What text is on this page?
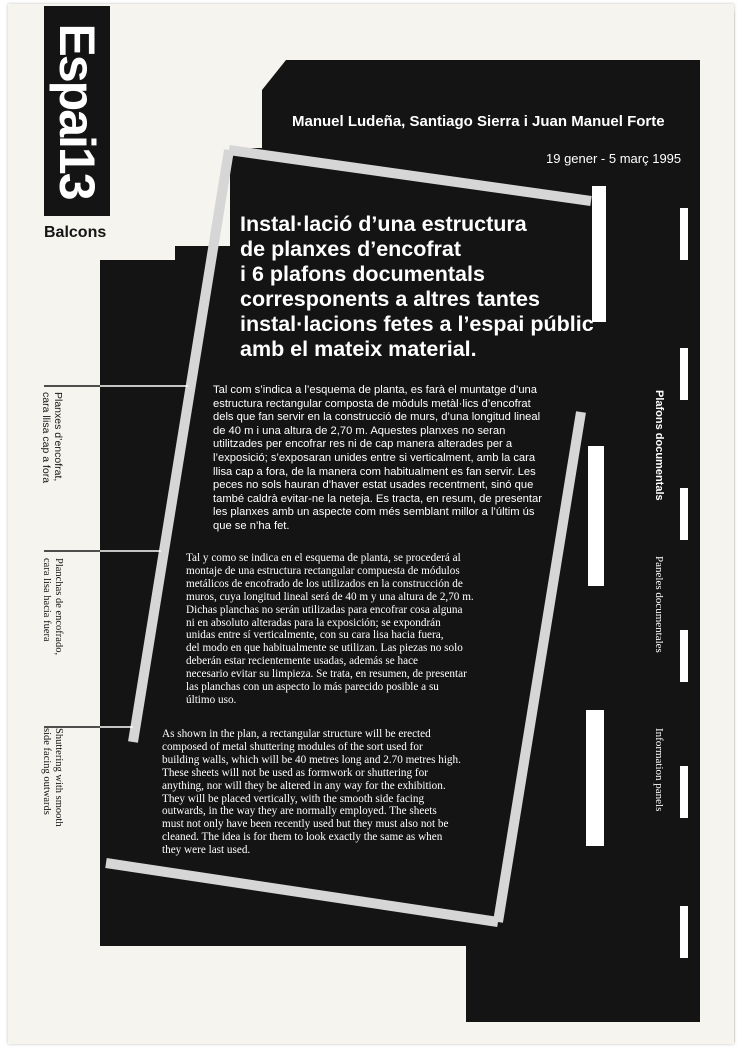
Espai13
Balcons
Manuel Ludeña, Santiago Sierra i Juan Manuel Forte
19 gener - 5 març 1995
Instal·lació d’una estructura
de planxes d’encofrat
i 6 plafons documentals
corresponents a altres tantes
instal·lacions fetes a l’espai públic
amb el mateix material.
Tal com s’indica a l’esquema de planta, es farà el muntatge d’una
estructura rectangular composta de mòduls metàl·lics d’encofrat
dels que fan servir en la construcció de murs, d’una longitud lineal
de 40 m i una altura de 2,70 m. Aquestes planxes no seran
utilitzades per encofrar res ni de cap manera alterades per a
l’exposició; s’exposaran unides entre si verticalment, amb la cara
llisa cap a fora, de la manera com habitualment es fan servir. Les
peces no sols hauran d’haver estat usades recentment, sinó que
també caldrà evitar-ne la neteja. Es tracta, en resum, de presentar
les planxes amb un aspecte com més semblant millor a l’últim ús
que se n’ha fet.
Tal y como se indica en el esquema de planta, se procederá al
montaje de una estructura rectangular compuesta de módulos
metálicos de encofrado de los utilizados en la construcción de
muros, cuya longitud lineal será de 40 m y una altura de 2,70 m.
Dichas planchas no serán utilizadas para encofrar cosa alguna
ni en absoluto alteradas para la exposición; se expondrán
unidas entre sí verticalmente, con su cara lisa hacia fuera,
del modo en que habitualmente se utilizan. Las piezas no solo
deberán estar recientemente usadas, además se hace
necesario evitar su limpieza. Se trata, en resumen, de presentar
las planchas con un aspecto lo más parecido posible a su
último uso.
As shown in the plan, a rectangular structure will be erected
composed of metal shuttering modules of the sort used for
building walls, which will be 40 metres long and 2.70 metres high.
These sheets will not be used as formwork or shuttering for
anything, nor will they be altered in any way for the exhibition.
They will be placed vertically, with the smooth side facing
outwards, in the way they are normally employed. The sheets
must not only have been recently used but they must also not be
cleaned. The idea is for them to look exactly the same as when
they were last used.
Planxes d’encofrat,
cara llisa cap a fora
Planchas de encofrado,
cara lisa hacia fuera
Shuttering with smooth
side facing outwards
Plafons documentals
Paneles documentales
Information panels
